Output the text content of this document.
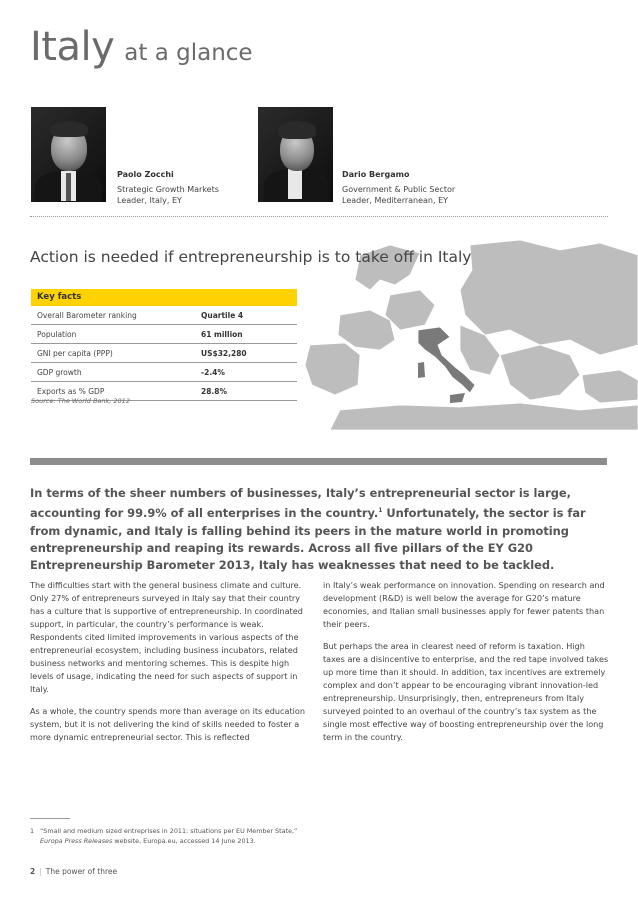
Italy at a glance
Paolo Zocchi
Strategic Growth Markets
Leader, Italy, EY
Dario Bergamo
Government & Public Sector
Leader, Mediterranean, EY
Action is needed if entrepreneurship is to take off in Italy
Key facts
Overall Barometer ranking	Quartile 4
Population	61 million
GNI per capita (PPP)	US$32,280
GDP growth	-2.4%
Exports as % GDP	28.8%
Source: The World Bank, 2012
In terms of the sheer numbers of businesses, Italy’s entrepreneurial sector is large, accounting for 99.9% of all enterprises in the country.$^1$ Unfortunately, the sector is far from dynamic, and Italy is falling behind its peers in the mature world in promoting entrepreneurship and reaping its rewards. Across all five pillars of the EY G20 Entrepreneurship Barometer 2013, Italy has weaknesses that need to be tackled.

The difficulties start with the general business climate and culture. Only 27% of entrepreneurs surveyed in Italy say that their country has a culture that is supportive of entrepreneurship. In coordinated support, in particular, the country’s performance is weak. Respondents cited limited improvements in various aspects of the entrepreneurial ecosystem, including business incubators, related business networks and mentoring schemes. This is despite high levels of usage, indicating the need for such aspects of support in Italy.

As a whole, the country spends more than average on its education system, but it is not delivering the kind of skills needed to foster a more dynamic entrepreneurial sector. This is reflected

in Italy’s weak performance on innovation. Spending on research and development (R&D) is well below the average for G20’s mature economies, and Italian small businesses apply for fewer patents than their peers.

But perhaps the area in clearest need of reform is taxation. High taxes are a disincentive to enterprise, and the red tape involved takes up more time than it should. In addition, tax incentives are extremely complex and don’t appear to be encouraging vibrant innovation-led entrepreneurship. Unsurprisingly, then, entrepreneurs from Italy surveyed pointed to an overhaul of the country’s tax system as the single most effective way of boosting entrepreneurship over the long term in the country.

1 “Small and medium sized entreprises in 2011: situations per EU Member State,”
Europa Press Releases website, Europa.eu, accessed 14 June 2013.
2 | The power of three
